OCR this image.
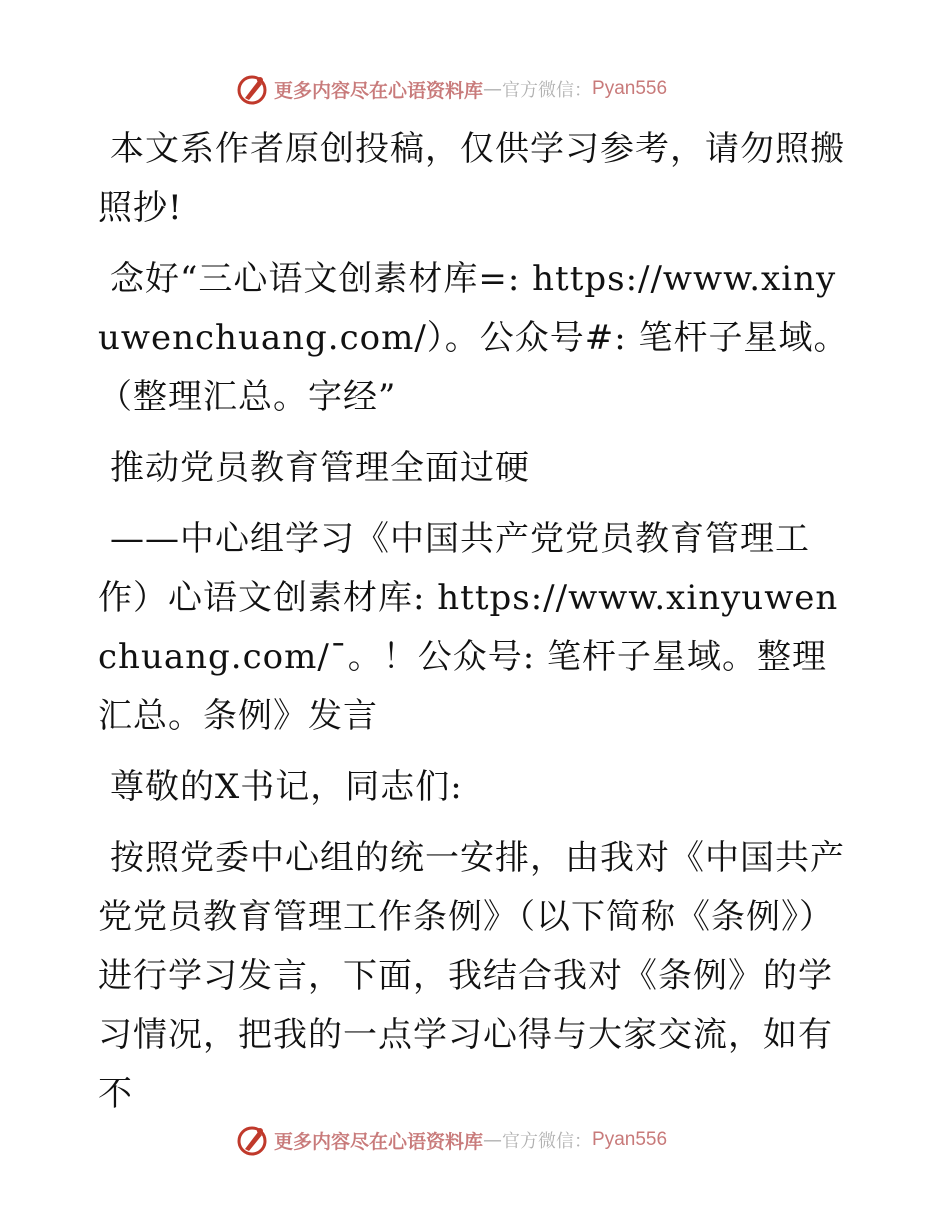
更多内容尽在心语资料库 — 官方微信： Pyan556

本文系作者原创投稿，仅供学习参考，请勿照搬照抄!

念好“三心语文创素材库=: https://www.xinyuwenchuang.com/）。公众号#: 笔杆子星域。（整理汇总。字经”

推动党员教育管理全面过硬

——中心组学习《中国共产党党员教育管理工作）心语文创素材库: https://www.xinyuwenchuang.com/¯。！公众号: 笔杆子星域。整理汇总。条例》发言

尊敬的X书记，同志们:

按照党委中心组的统一安排，由我对《中国共产党党员教育管理工作条例》（以下简称《条例》）进行学习发言，下面，我结合我对《条例》的学习情况，把我的一点学习心得与大家交流，如有不

更多内容尽在心语资料库 — 官方微信： Pyan556
